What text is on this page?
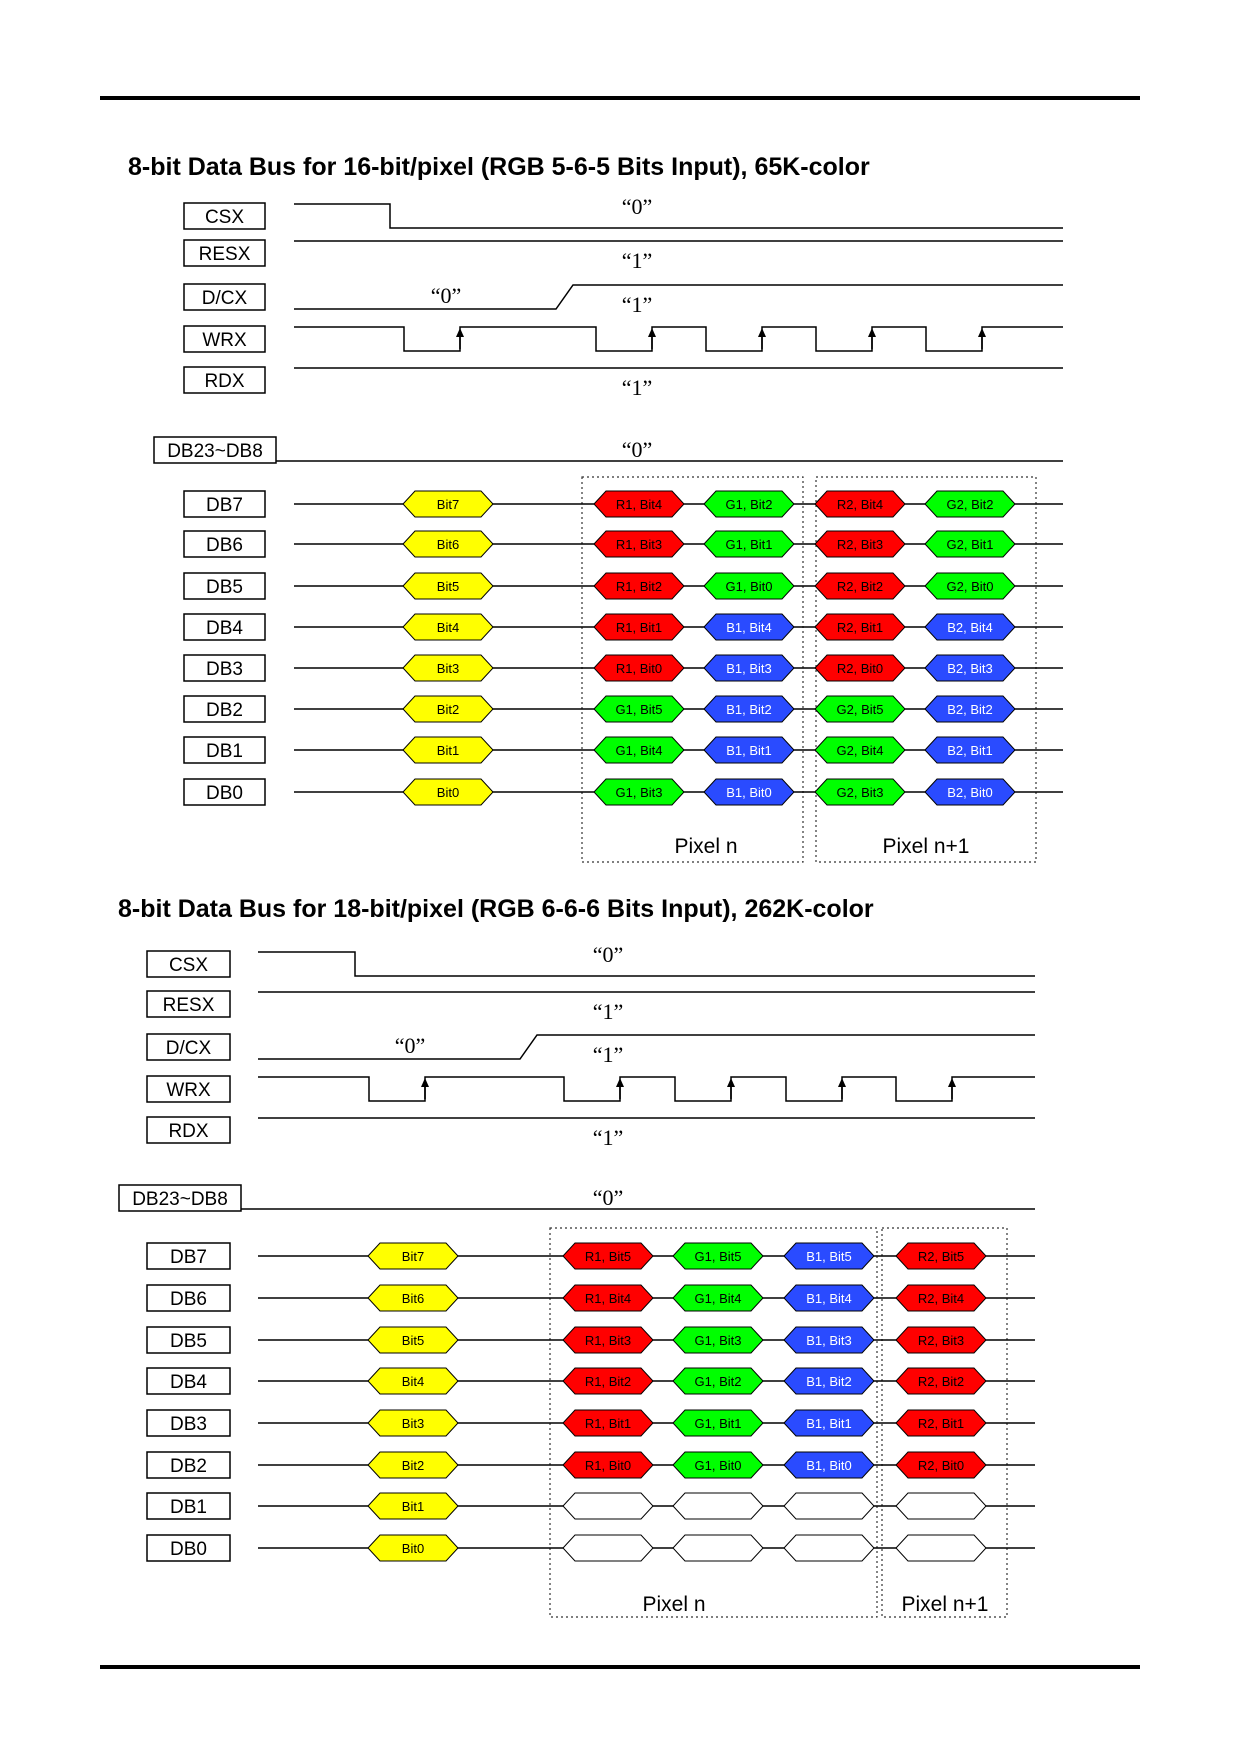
8-bit Data Bus for 16-bit/pixel (RGB 5-6-5 Bits Input), 65K-color
CSX	“0”
RESX	“1”
D/CX	“0”	“1”
WRX
RDX	“1”
DB23~DB8	“0”
Pixel n	Pixel n+1
DB7	Bit7	R1, Bit4	G1, Bit2	R2, Bit4	G2, Bit2
DB6	Bit6	R1, Bit3	G1, Bit1	R2, Bit3	G2, Bit1
DB5	Bit5	R1, Bit2	G1, Bit0	R2, Bit2	G2, Bit0
DB4	Bit4	R1, Bit1	B1, Bit4	R2, Bit1	B2, Bit4
DB3	Bit3	R1, Bit0	B1, Bit3	R2, Bit0	B2, Bit3
DB2	Bit2	G1, Bit5	B1, Bit2	G2, Bit5	B2, Bit2
DB1	Bit1	G1, Bit4	B1, Bit1	G2, Bit4	B2, Bit1
DB0	Bit0	G1, Bit3	B1, Bit0	G2, Bit3	B2, Bit0
8-bit Data Bus for 18-bit/pixel (RGB 6-6-6 Bits Input), 262K-color
CSX	“0”
RESX	“1”
D/CX	“0”	“1”
WRX
RDX	“1”
DB23~DB8	“0”
Pixel n	Pixel n+1
DB7	Bit7	R1, Bit5	G1, Bit5	B1, Bit5	R2, Bit5
DB6	Bit6	R1, Bit4	G1, Bit4	B1, Bit4	R2, Bit4
DB5	Bit5	R1, Bit3	G1, Bit3	B1, Bit3	R2, Bit3
DB4	Bit4	R1, Bit2	G1, Bit2	B1, Bit2	R2, Bit2
DB3	Bit3	R1, Bit1	G1, Bit1	B1, Bit1	R2, Bit1
DB2	Bit2	R1, Bit0	G1, Bit0	B1, Bit0	R2, Bit0
DB1	Bit1
DB0	Bit0
